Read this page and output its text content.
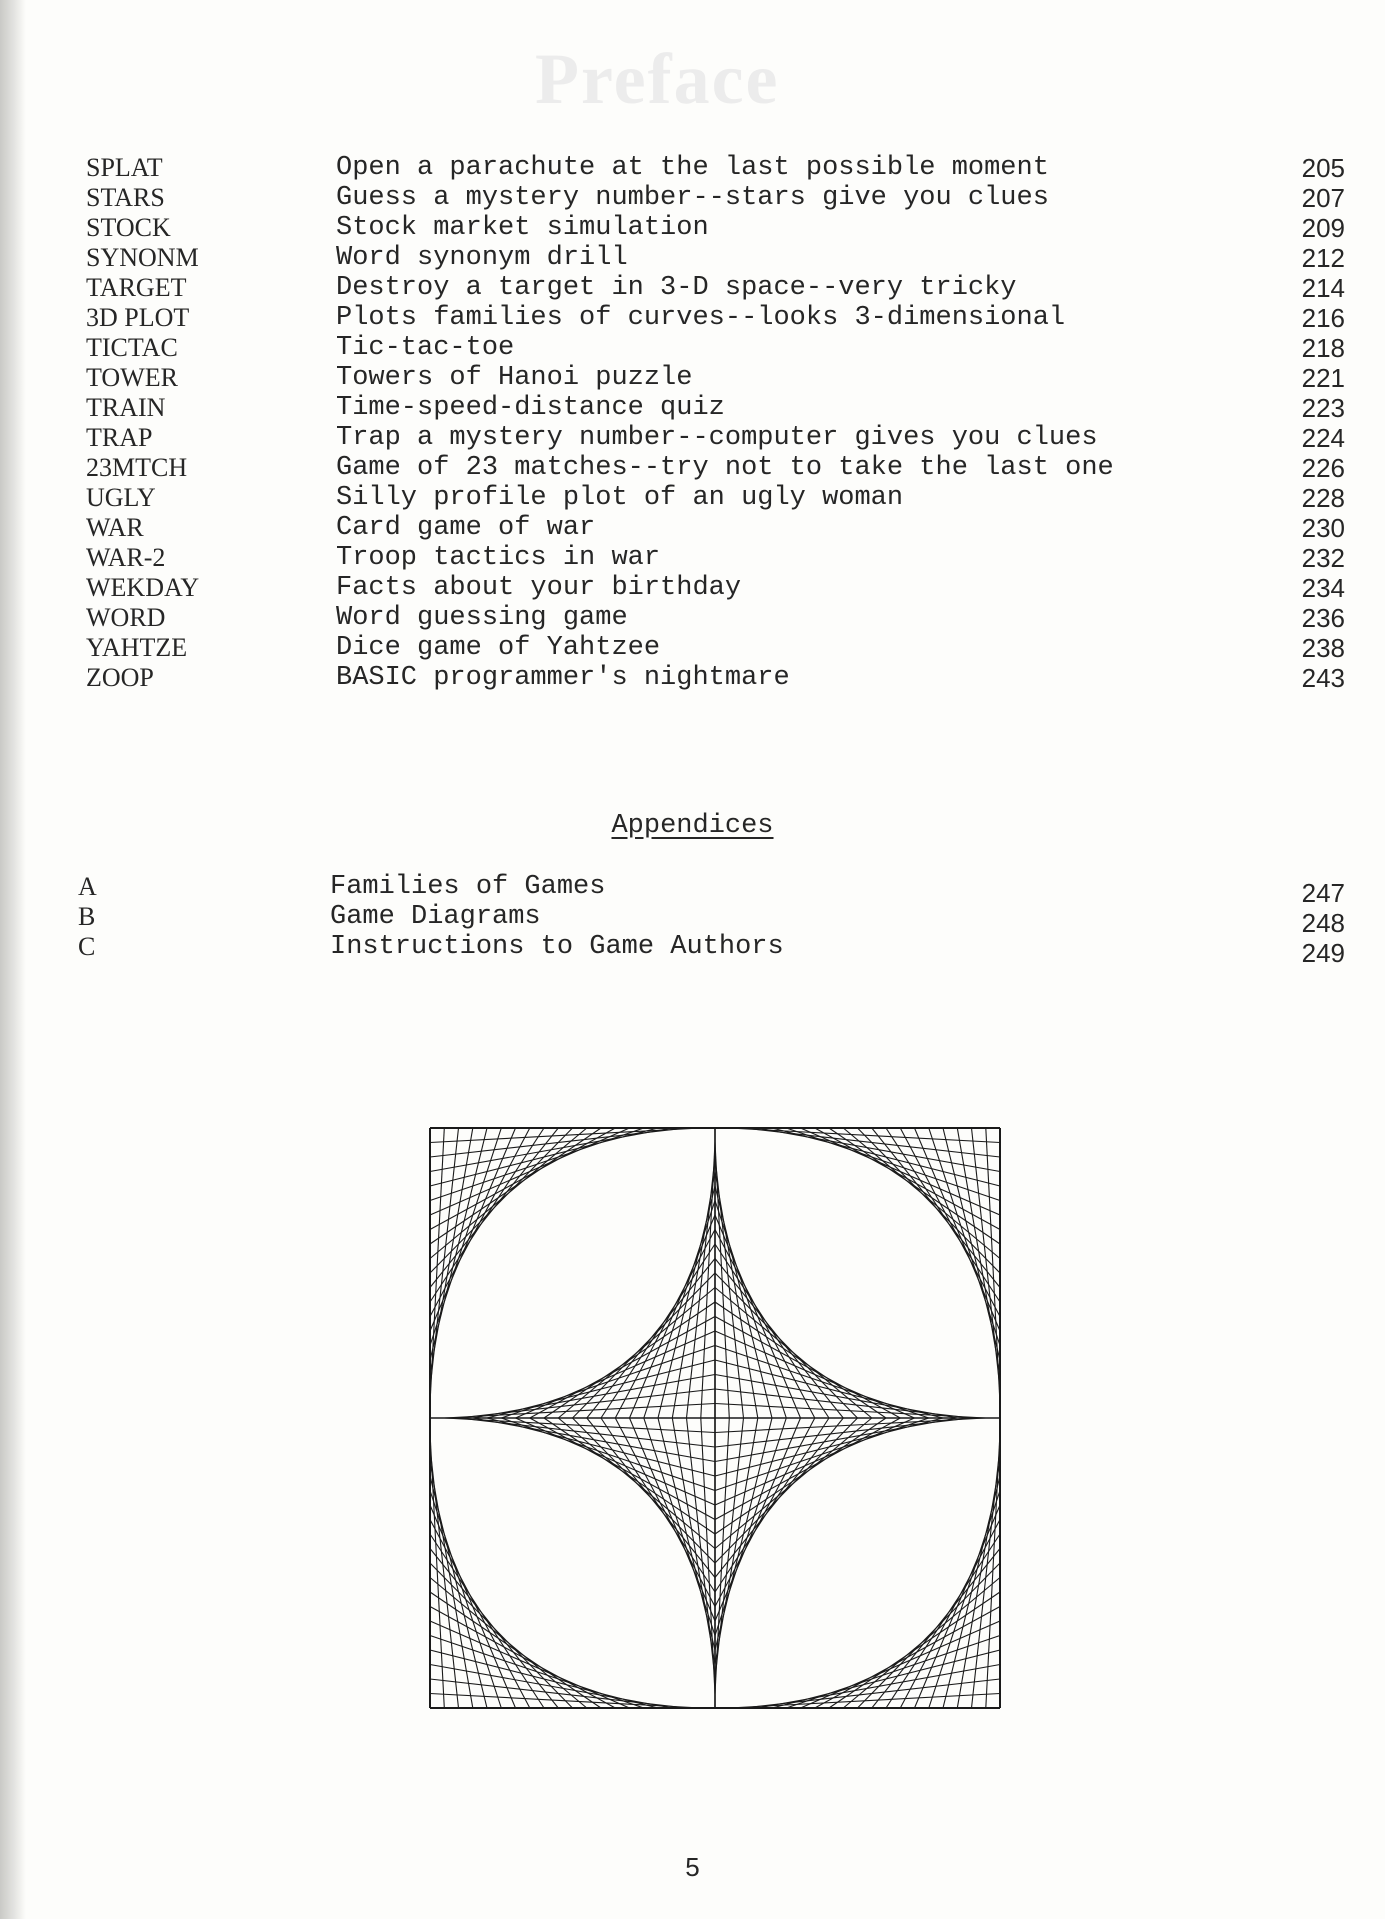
Preface
SPLAT	Open a parachute at the last possible moment	205
STARS	Guess a mystery number--stars give you clues	207
STOCK	Stock market simulation	209
SYNONM	Word synonym drill	212
TARGET	Destroy a target in 3-D space--very tricky	214
3D PLOT	Plots families of curves--looks 3-dimensional	216
TICTAC	Tic-tac-toe	218
TOWER	Towers of Hanoi puzzle	221
TRAIN	Time-speed-distance quiz	223
TRAP	Trap a mystery number--computer gives you clues	224
23MTCH	Game of 23 matches--try not to take the last one	226
UGLY	Silly profile plot of an ugly woman	228
WAR	Card game of war	230
WAR-2	Troop tactics in war	232
WEKDAY	Facts about your birthday	234
WORD	Word guessing game	236
YAHTZE	Dice game of Yahtzee	238
ZOOP	BASIC programmer's nightmare	243
Appendices
A	Families of Games	247
B	Game Diagrams	248
C	Instructions to Game Authors	249
5
